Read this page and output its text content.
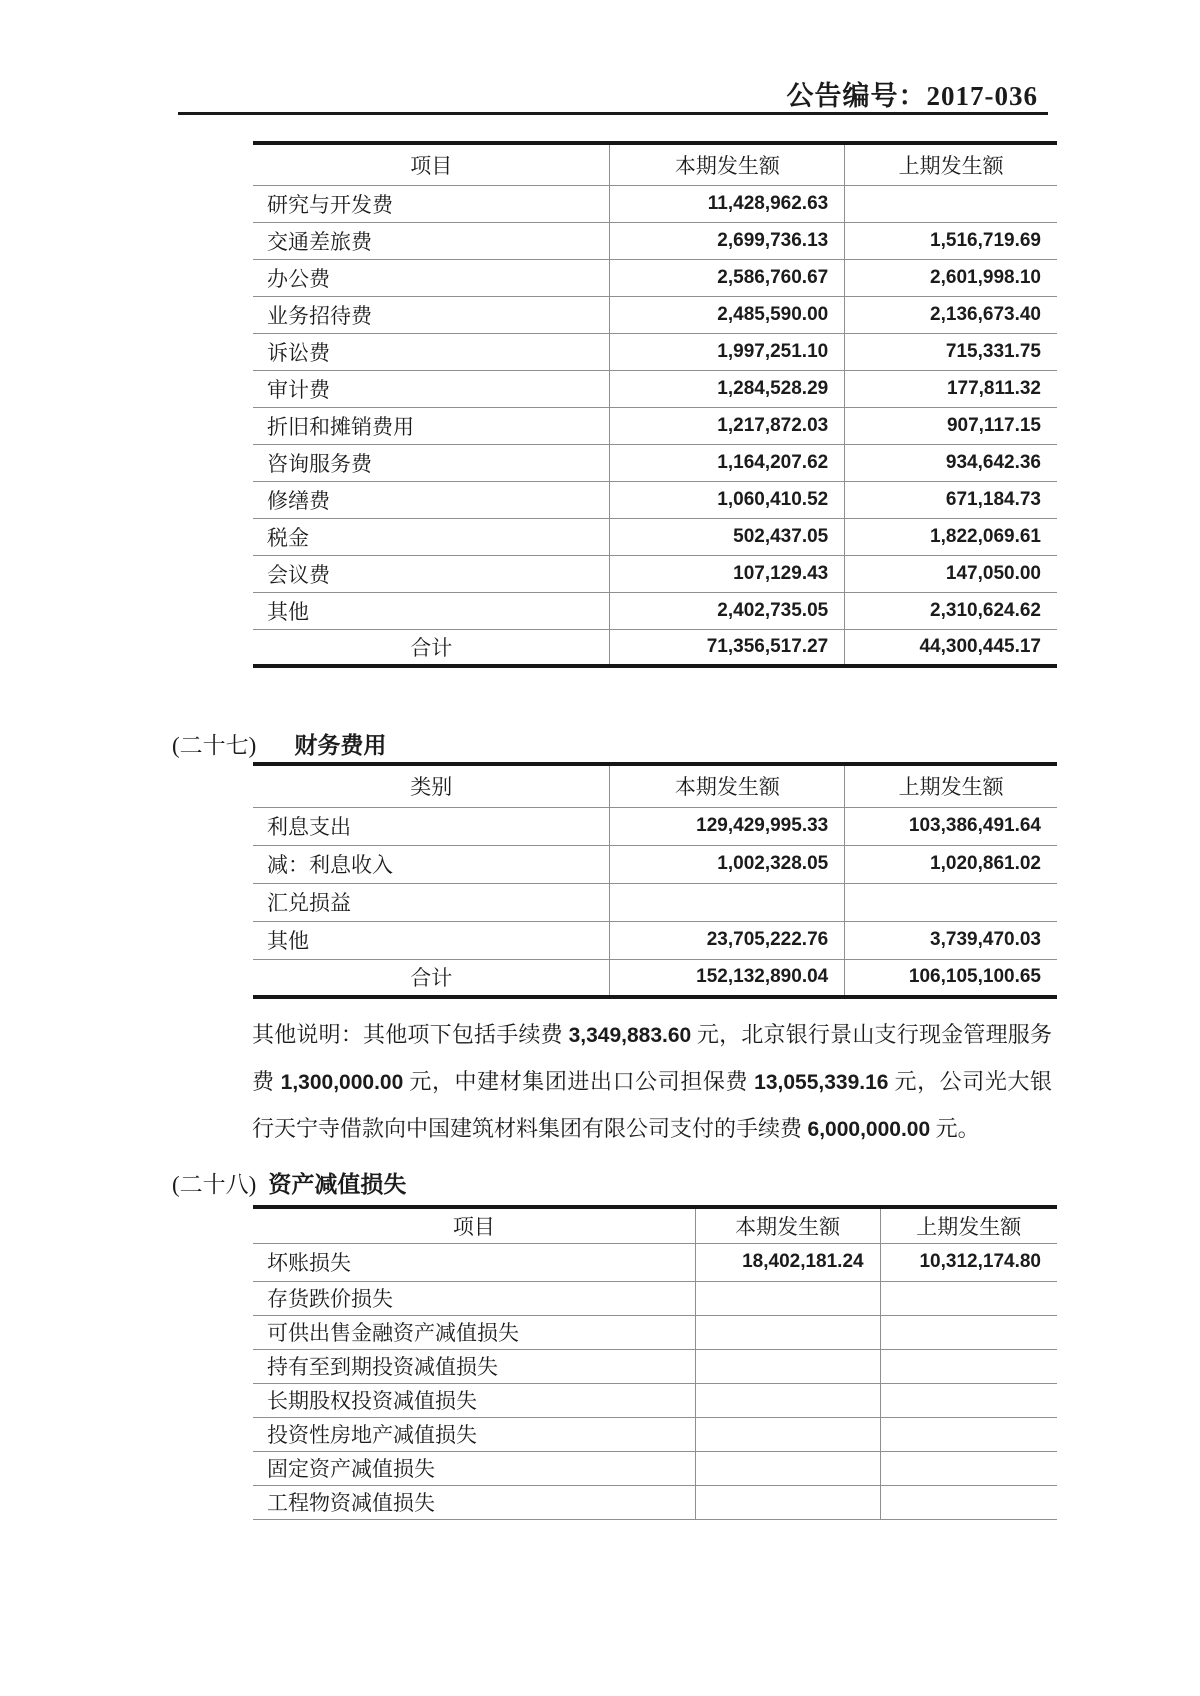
公告编号：2017-036
项目	本期发生额	上期发生额
研究与开发费	11,428,962.63	
交通差旅费	2,699,736.13	1,516,719.69
办公费	2,586,760.67	2,601,998.10
业务招待费	2,485,590.00	2,136,673.40
诉讼费	1,997,251.10	715,331.75
审计费	1,284,528.29	177,811.32
折旧和摊销费用	1,217,872.03	907,117.15
咨询服务费	1,164,207.62	934,642.36
修缮费	1,060,410.52	671,184.73
税金	502,437.05	1,822,069.61
会议费	107,129.43	147,050.00
其他	2,402,735.05	2,310,624.62
合计	71,356,517.27	44,300,445.17
(二十七) 财务费用
类别	本期发生额	上期发生额
利息支出	129,429,995.33	103,386,491.64
减：利息收入	1,002,328.05	1,020,861.02
汇兑损益		
其他	23,705,222.76	3,739,470.03
合计	152,132,890.04	106,105,100.65
其他说明：其他项下包括手续费 3,349,883.60 元，北京银行景山支行现金管理服务费 1,300,000.00 元，中建材集团进出口公司担保费 13,055,339.16 元，公司光大银行天宁寺借款向中国建筑材料集团有限公司支付的手续费 6,000,000.00 元。
(二十八) 资产减值损失
项目	本期发生额	上期发生额
坏账损失	18,402,181.24	10,312,174.80
存货跌价损失		
可供出售金融资产减值损失		
持有至到期投资减值损失		
长期股权投资减值损失		
投资性房地产减值损失		
固定资产减值损失		
工程物资减值损失		
